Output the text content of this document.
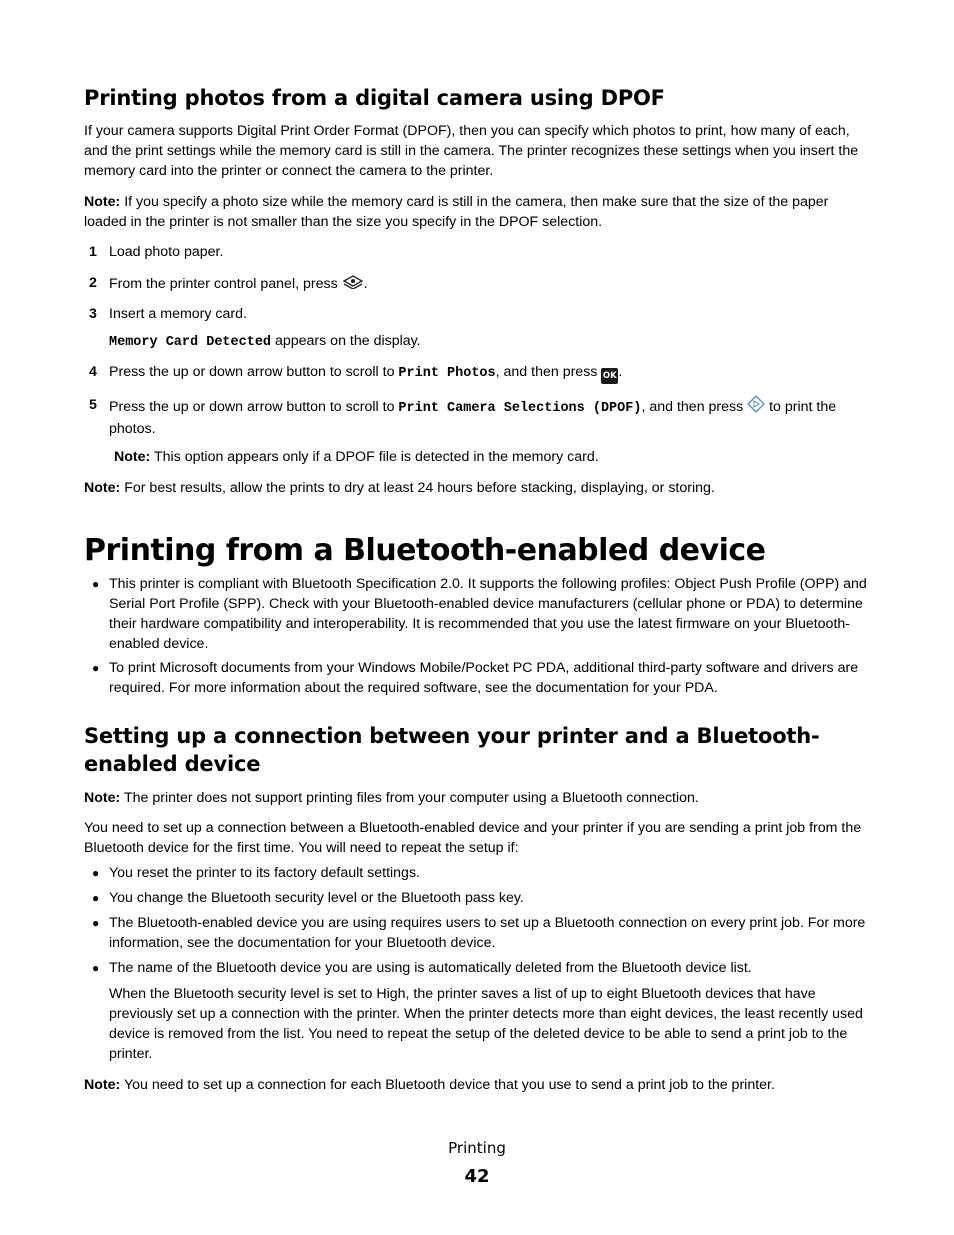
Printing photos from a digital camera using DPOF

If your camera supports Digital Print Order Format (DPOF), then you can specify which photos to print, how many of each, and the print settings while the memory card is still in the camera. The printer recognizes these settings when you insert the memory card into the printer or connect the camera to the printer.

Note: If you specify a photo size while the memory card is still in the camera, then make sure that the size of the paper loaded in the printer is not smaller than the size you specify in the DPOF selection.

1 Load photo paper.
2 From the printer control panel, press .
3 Insert a memory card.
Memory Card Detected appears on the display.
4 Press the up or down arrow button to scroll to Print Photos, and then press OK .
5 Press the up or down arrow button to scroll to Print Camera Selections (DPOF), and then press  to print the photos.

Note: This option appears only if a DPOF file is detected in the memory card.

Note: For best results, allow the prints to dry at least 24 hours before stacking, displaying, or storing.

Printing from a Bluetooth-enabled device
● This printer is compliant with Bluetooth Specification 2.0. It supports the following profiles: Object Push Profile (OPP) and Serial Port Profile (SPP). Check with your Bluetooth-enabled device manufacturers (cellular phone or PDA) to determine their hardware compatibility and interoperability. It is recommended that you use the latest firmware on your Bluetooth-enabled device.
● To print Microsoft documents from your Windows Mobile/Pocket PC PDA, additional third-party software and drivers are required. For more information about the required software, see the documentation for your PDA.
Setting up a connection between your printer and a Bluetooth-enabled device

Note: The printer does not support printing files from your computer using a Bluetooth connection.

You need to set up a connection between a Bluetooth-enabled device and your printer if you are sending a print job from the Bluetooth device for the first time. You will need to repeat the setup if:

● You reset the printer to its factory default settings.
● You change the Bluetooth security level or the Bluetooth pass key.
● The Bluetooth-enabled device you are using requires users to set up a Bluetooth connection on every print job. For more information, see the documentation for your Bluetooth device.
● The name of the Bluetooth device you are using is automatically deleted from the Bluetooth device list.

When the Bluetooth security level is set to High, the printer saves a list of up to eight Bluetooth devices that have previously set up a connection with the printer. When the printer detects more than eight devices, the least recently used device is removed from the list. You need to repeat the setup of the deleted device to be able to send a print job to the printer.

Note: You need to set up a connection for each Bluetooth device that you use to send a print job to the printer.

Printing
42
